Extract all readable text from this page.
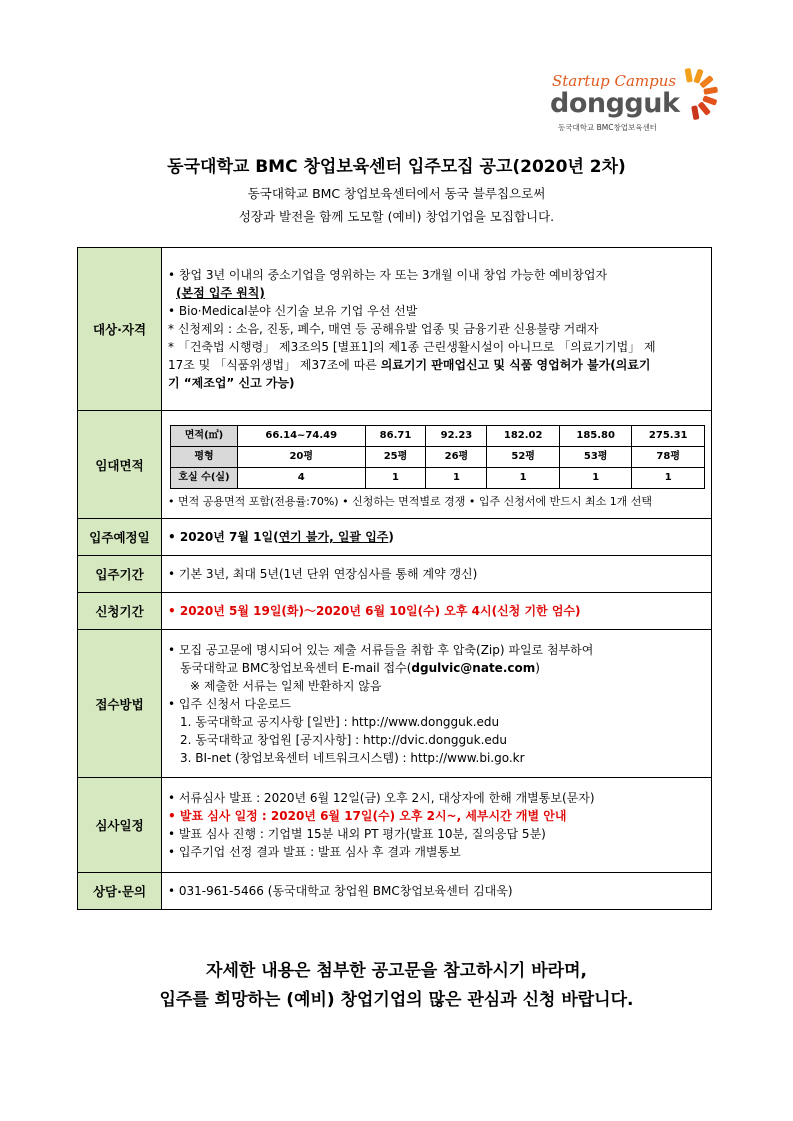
Startup Campus
dongguk
동국대학교 BMC창업보육센터
동국대학교 BMC 창업보육센터 입주모집 공고(2020년 2차)
동국대학교 BMC 창업보육센터에서 동국 블루칩으로써
성장과 발전을 함께 도모할 (예비) 창업기업을 모집합니다.
대상·자격	
• 창업 3년 이내의 중소기업을 영위하는 자 또는 3개월 이내 창업 가능한 예비창업자
(본점 입주 원칙)
• Bio·Medical분야 신기술 보유 기업 우선 선발
* 신청제외 : 소음, 진동, 폐수, 매연 등 공해유발 업종 및 금융기관 신용불량 거래자
* 「건축법 시행령」 제3조의5 [별표1]의 제1종 근린생활시설이 아니므로 「의료기기법」 제
17조 및 「식품위생법」 제37조에 따른 의료기기 판매업신고 및 식품 영업허가 불가(의료기
기 “제조업” 신고 가능)

임대면적	
면적(㎡)	66.14~74.49	86.71	92.23	182.02	185.80	275.31
평형	20평	25평	26평	52평	53평	78평
호실 수(실)	4	1	1	1	1	1
• 면적 공용면적 포함(전용률:70%) • 신청하는 면적별로 경쟁 • 입주 신청서에 반드시 최소 1개 선택

입주예정일	• 2020년 7월 1일(연기 불가, 일괄 입주)
입주기간	• 기본 3년, 최대 5년(1년 단위 연장심사를 통해 계약 갱신)
신청기간	• 2020년 5월 19일(화)～2020년 6월 10일(수) 오후 4시(신청 기한 엄수)
접수방법	
• 모집 공고문에 명시되어 있는 제출 서류들을 취합 후 압축(Zip) 파일로 첨부하여
동국대학교 BMC창업보육센터 E-mail 접수(dgulvic@nate.com)
※ 제출한 서류는 일체 반환하지 않음
• 입주 신청서 다운로드
1. 동국대학교 공지사항 [일반] : http://www.dongguk.edu
2. 동국대학교 창업원 [공지사항] : http://dvic.dongguk.edu
3. BI-net (창업보육센터 네트워크시스템) : http://www.bi.go.kr

심사일정	
• 서류심사 발표 : 2020년 6월 12일(금) 오후 2시, 대상자에 한해 개별통보(문자)
• 발표 심사 일정 : 2020년 6월 17일(수) 오후 2시~, 세부시간 개별 안내
• 발표 심사 진행 : 기업별 15분 내외 PT 평가(발표 10분, 질의응답 5분)
• 입주기업 선정 결과 발표 : 발표 심사 후 결과 개별통보

상담·문의	• 031-961-5466 (동국대학교 창업원 BMC창업보육센터 김대욱)
자세한 내용은 첨부한 공고문을 참고하시기 바라며,
입주를 희망하는 (예비) 창업기업의 많은 관심과 신청 바랍니다.
